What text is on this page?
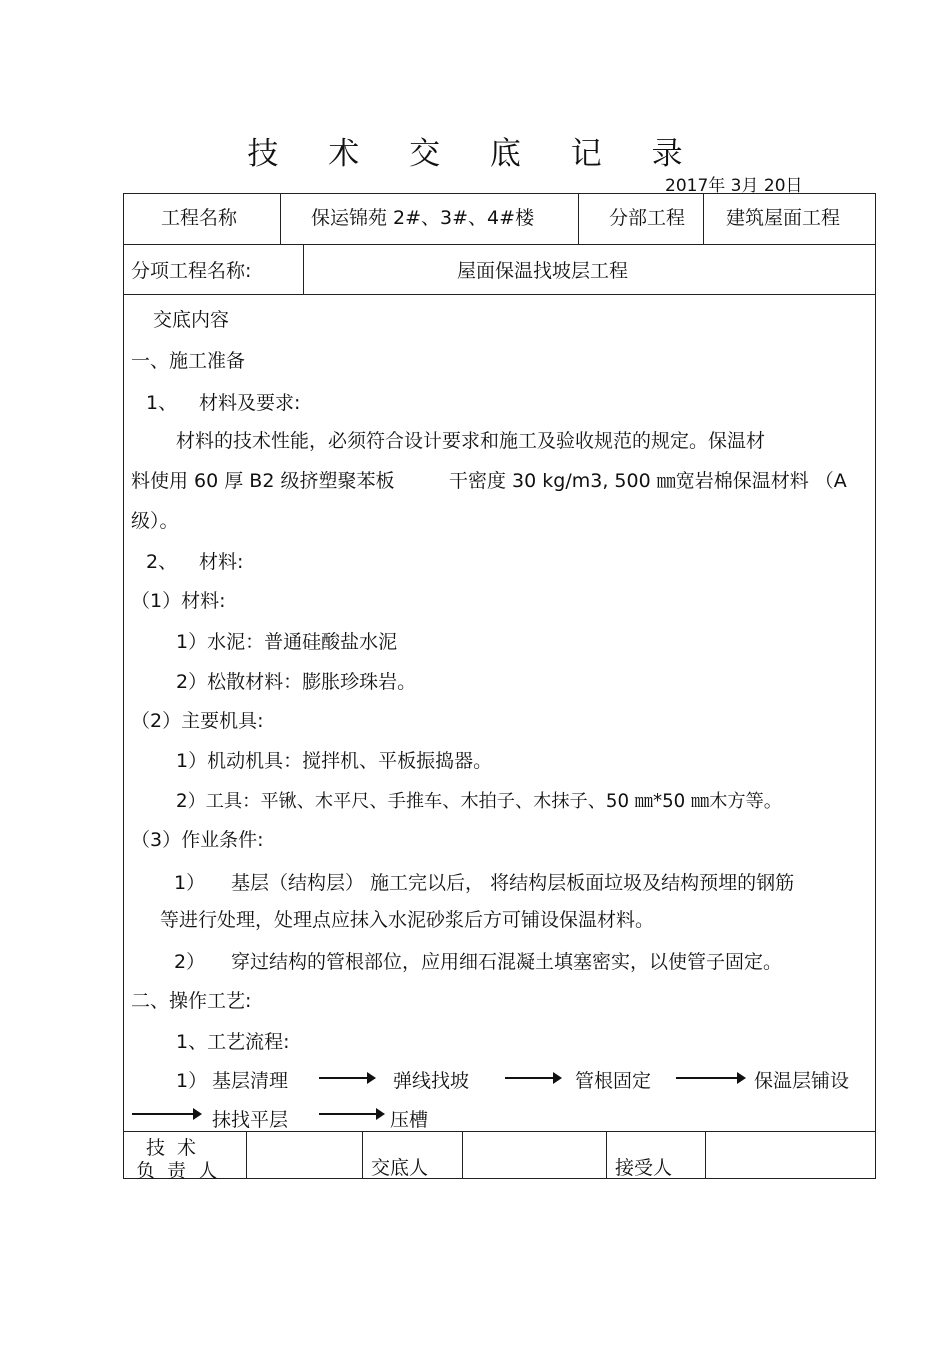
技 术 交 底 记 录
2017年 3月 20日
工程名称	保运锦苑 2#、3#、4#楼	分部工程 建筑屋面工程
分项工程名称:	屋面保温找坡层工程
交底内容
一、施工准备
1、 材料及要求:
材料的技术性能，必须符合设计要求和施工及验收规范的规定。保温材
料使用 60 厚 B2 级挤塑聚苯板	干密度 30 kg/m3, 500 ㎜宽岩棉保温材料 （A
级）。
2、 材料:
（1）材料:
1）水泥：普通硅酸盐水泥
2）松散材料：膨胀珍珠岩。
（2）主要机具:
1）机动机具：搅拌机、平板振捣器。
2）工具：平锹、木平尺、手推车、木拍子、木抹子、50 ㎜*50 ㎜木方等。
（3）作业条件:
1） 基层（结构层） 施工完以后， 将结构层板面垃圾及结构预埋的钢筋
等进行处理，处理点应抹入水泥砂浆后方可铺设保温材料。
2） 穿过结构的管根部位，应用细石混凝土填塞密实，以使管子固定。
二、操作工艺:
1、工艺流程:
1） 基层清理	弹线找坡	管根固定	保温层铺设
抹找平层	压槽
技 术
负 责 人	交底人	接受人
